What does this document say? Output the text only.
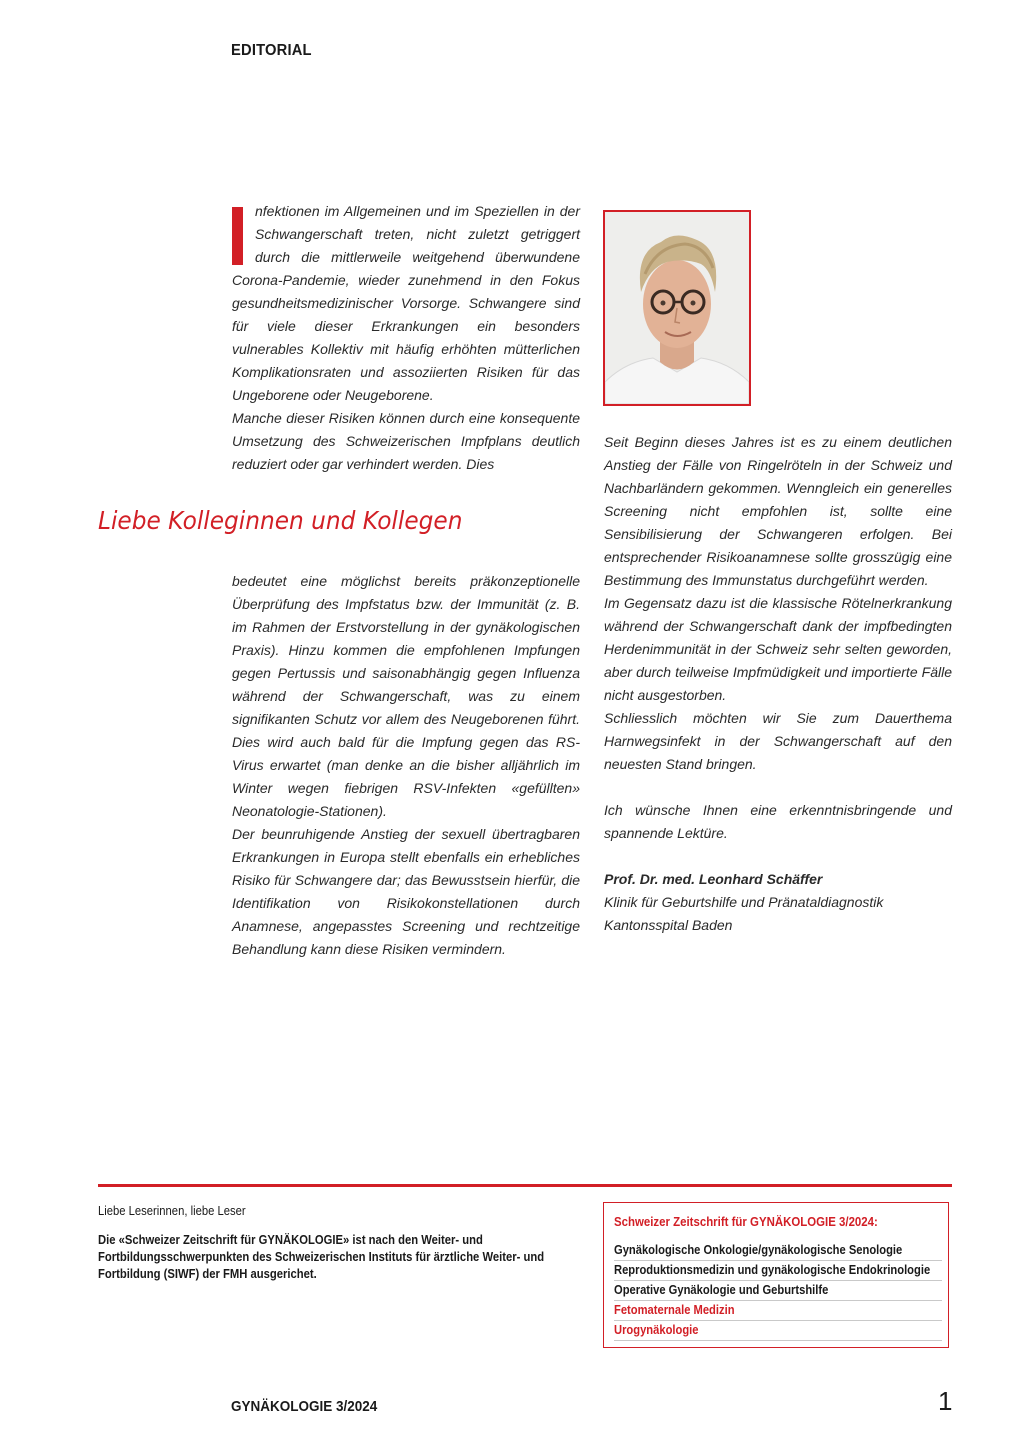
EDITORIAL

nfektionen im Allgemeinen und im Speziellen in der Schwangerschaft treten, nicht zuletzt getriggert durch die mittlerweile weitgehend überwundene Corona-Pandemie, wieder zunehmend in den Fokus gesundheitsmedizinischer Vorsorge. Schwangere sind für viele dieser Erkrankungen ein besonders vulnerables Kollektiv mit häufig erhöhten mütterlichen Komplikationsraten und assoziierten Risiken für das Ungeborene oder Neugeborene.

Manche dieser Risiken können durch eine konsequente Umsetzung des Schweizerischen Impfplans deutlich reduziert oder gar verhindert werden. Dies

Liebe Kolleginnen und Kollegen

bedeutet eine möglichst bereits präkonzeptionelle Überprüfung des Impfstatus bzw. der Immunität (z. B. im Rahmen der Erstvorstellung in der gynäkologischen Praxis). Hinzu kommen die empfohlenen Impfungen gegen Pertussis und saisonabhängig gegen Influenza während der Schwangerschaft, was zu einem signifikanten Schutz vor allem des Neugeborenen führt. Dies wird auch bald für die Impfung gegen das RS-Virus erwartet (man denke an die bisher alljährlich im Winter wegen fiebrigen RSV-Infekten «gefüllten» Neonatologie-Stationen).

Der beunruhigende Anstieg der sexuell übertragbaren Erkrankungen in Europa stellt ebenfalls ein erhebliches Risiko für Schwangere dar; das Bewusstsein hierfür, die Identifikation von Risikokonstellationen durch Anamnese, angepasstes Screening und rechtzeitige Behandlung kann diese Risiken vermindern.

Seit Beginn dieses Jahres ist es zu einem deutlichen Anstieg der Fälle von Ringelröteln in der Schweiz und Nachbarländern gekommen. Wenngleich ein generelles Screening nicht empfohlen ist, sollte eine Sensibilisierung der Schwangeren erfolgen. Bei entsprechender Risikoanamnese sollte grosszügig eine Bestimmung des Immunstatus durchgeführt werden.

Im Gegensatz dazu ist die klassische Rötelnerkrankung während der Schwangerschaft dank der impfbedingten Herdenimmunität in der Schweiz sehr selten geworden, aber durch teilweise Impfmüdigkeit und importierte Fälle nicht ausgestorben.

Schliesslich möchten wir Sie zum Dauerthema Harnwegsinfekt in der Schwangerschaft auf den neuesten Stand bringen.

Ich wünsche Ihnen eine erkenntnisbringende und spannende Lektüre.

Prof. Dr. med. Leonhard Schäffer

Klinik für Geburtshilfe und Pränataldiagnostik

Kantonsspital Baden

Liebe Leserinnen, liebe Leser
Die «Schweizer Zeitschrift für GYNÄKOLOGIE» ist nach den Weiter- und Fortbildungsschwerpunkten des Schweizerischen Instituts für ärztliche Weiter- und Fortbildung (SIWF) der FMH ausgerichet.
Schweizer Zeitschrift für GYNÄKOLOGIE 3/2024:
Gynäkologische Onkologie/gynäkologische Senologie
Reproduktionsmedizin und gynäkologische Endokrinologie
Operative Gynäkologie und Geburtshilfe
Fetomaternale Medizin
Urogynäkologie
GYNÄKOLOGIE 3/2024	1
